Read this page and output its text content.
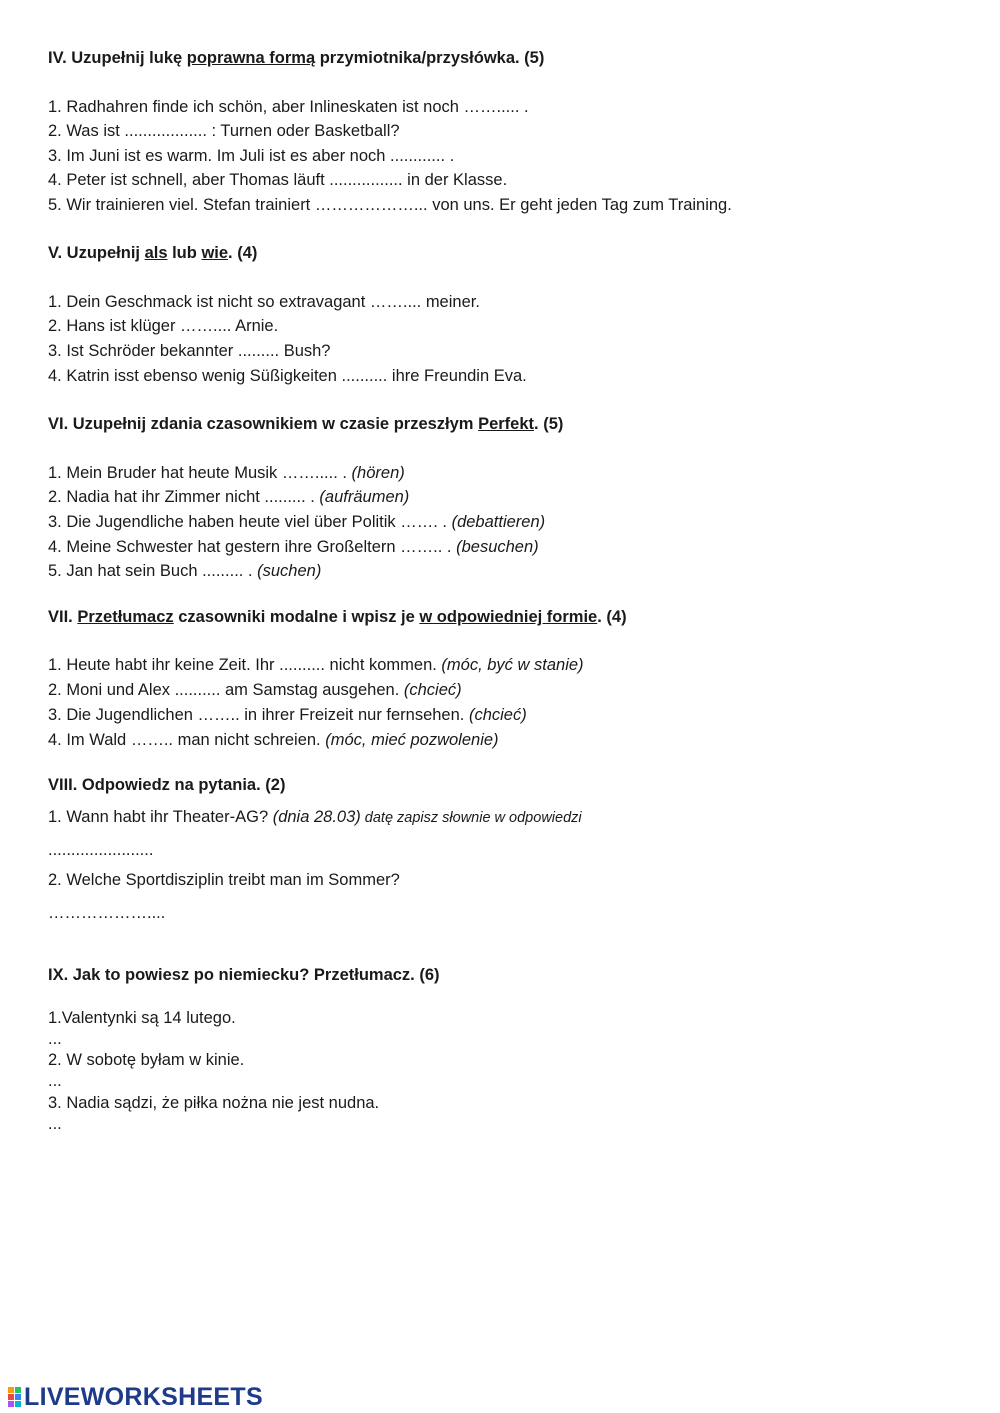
IV. Uzupełnij lukę poprawna formą przymiotnika/przysłówka. (5)
1. Radhahren finde ich schön, aber Inlineskaten ist noch ……..... .
2. Was ist .................. : Turnen oder Basketball?
3. Im Juni ist es warm. Im Juli ist es aber noch ............ .
4. Peter ist schnell, aber Thomas läuft ................ in der Klasse.
5. Wir trainieren viel. Stefan trainiert ………………... von uns. Er geht jeden Tag zum Training.
V. Uzupełnij als lub wie. (4)
1. Dein Geschmack ist nicht so extravagant …….... meiner.
2. Hans ist klüger …….... Arnie.
3. Ist Schröder bekannter ......... Bush?
4. Katrin isst ebenso wenig Süßigkeiten .......... ihre Freundin Eva.
VI. Uzupełnij zdania czasownikiem w czasie przeszłym Perfekt. (5)
1. Mein Bruder hat heute Musik ……..... . (hören)
2. Nadia hat ihr Zimmer nicht ......... . (aufräumen)
3. Die Jugendliche haben heute viel über Politik ……. . (debattieren)
4. Meine Schwester hat gestern ihre Großeltern …….. . (besuchen)
5. Jan hat sein Buch ......... . (suchen)
VII. Przetłumacz czasowniki modalne i wpisz je w odpowiedniej formie. (4)
1. Heute habt ihr keine Zeit. Ihr .......... nicht kommen. (móc, być w stanie)
2. Moni und Alex .......... am Samstag ausgehen. (chcieć)
3. Die Jugendlichen …….. in ihrer Freizeit nur fernsehen. (chcieć)
4. Im Wald …….. man nicht schreien. (móc, mieć pozwolenie)
VIII. Odpowiedz na pytania. (2)
1. Wann habt ihr Theater-AG? (dnia 28.03) datę zapisz słownie w odpowiedzi
.......................
2. Welche Sportdisziplin treibt man im Sommer?
………………....
IX. Jak to powiesz po niemiecku? Przetłumacz. (6)
1.Valentynki są 14 lutego.
...
2. W sobotę byłam w kinie.
...
3. Nadia sądzi, że piłka nożna nie jest nudna.
...
LIVEWORKSHEETS
